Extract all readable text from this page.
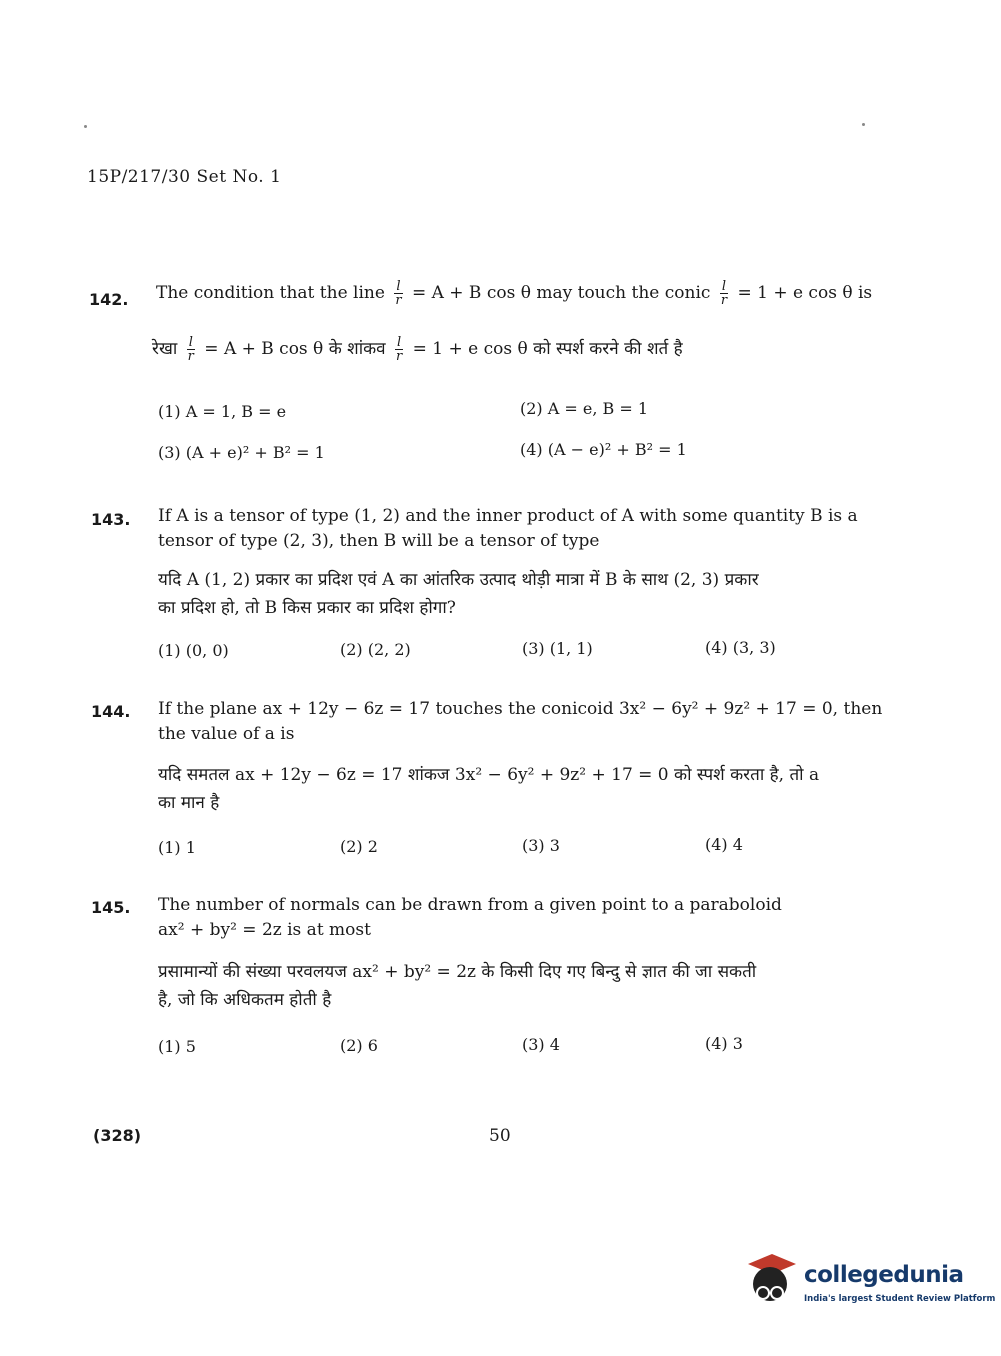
15P/217/30 Set No. 1
142. The condition that the line $\frac{l}{r} = A + B$ cos θ may touch the conic $\frac{l}{r} = 1 + e$ cos θ is
रेखा $\frac{l}{r} = A + B$ cos θ के शांकव $\frac{l}{r} = 1 + e$ cos θ को स्पर्श करने की शर्त है
(1) A = 1, B = e	(2) A = e, B = 1
(3) (A + e)² + B² = 1	(4) (A − e)² + B² = 1
143. If A is a tensor of type (1, 2) and the inner product of A with some quantity B is a
tensor of type (2, 3), then B will be a tensor of type
यदि A (1, 2) प्रकार का प्रदिश एवं A का आंतरिक उत्पाद थोड़ी मात्रा में B के साथ (2, 3) प्रकार
का प्रदिश हो, तो B किस प्रकार का प्रदिश होगा?
(1) (0, 0)	(2) (2, 2)	(3) (1, 1)	(4) (3, 3)
144. If the plane ax + 12y − 6z = 17 touches the conicoid 3x² − 6y² + 9z² + 17 = 0, then
the value of a is
यदि समतल ax + 12y − 6z = 17 शांकज 3x² − 6y² + 9z² + 17 = 0 को स्पर्श करता है, तो a
का मान है
(1) 1	(2) 2	(3) 3	(4) 4
145. The number of normals can be drawn from a given point to a paraboloid
ax² + by² = 2z is at most
प्रसामान्यों की संख्या परवलयज ax² + by² = 2z के किसी दिए गए बिन्दु से ज्ञात की जा सकती
है, जो कि अधिकतम होती है
(1) 5	(2) 6	(3) 4	(4) 3
(328)	50
collegedunia
India's largest Student Review Platform
